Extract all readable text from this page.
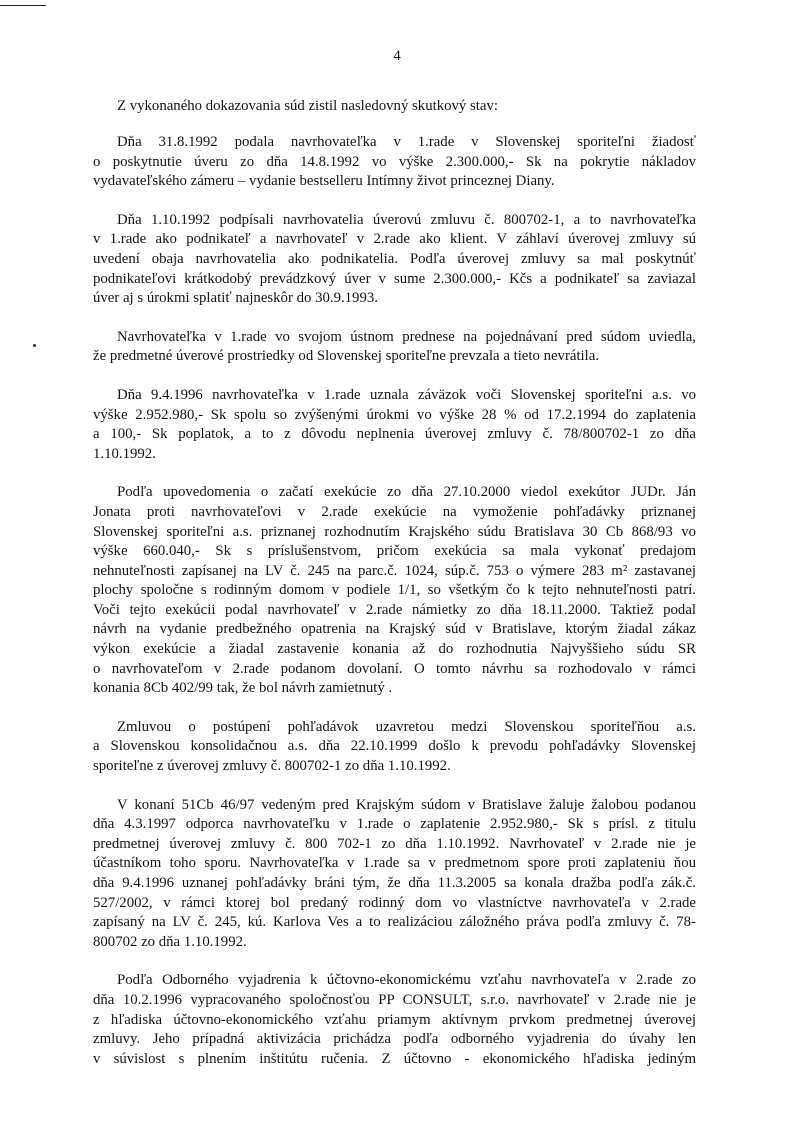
4

Z vykonaného dokazovania súd zistil nasledovný skutkový stav:

Dňa 31.8.1992 podala navrhovateľka v 1.rade v Slovenskej sporiteľni žiadosť
o poskytnutie úveru zo dňa 14.8.1992 vo výške 2.300.000,- Sk na pokrytie nákladov
vydavateľského zámeru – vydanie bestselleru Intímny život princeznej Diany.
Dňa 1.10.1992 podpísali navrhovatelia úverovú zmluvu č. 800702-1, a to navrhovateľka
v 1.rade ako podnikateľ a navrhovateľ v 2.rade ako klient. V záhlaví úverovej zmluvy sú
uvedení obaja navrhovatelia ako podnikatelia. Podľa úverovej zmluvy sa mal poskytnúť
podnikateľovi krátkodobý prevádzkový úver v sume 2.300.000,- Kčs a podnikateľ sa zaviazal
úver aj s úrokmi splatiť najneskôr do 30.9.1993.
Navrhovateľka v 1.rade vo svojom ústnom prednese na pojednávaní pred súdom uviedla,
že predmetné úverové prostriedky od Slovenskej sporiteľne prevzala a tieto nevrátila.
Dňa 9.4.1996 navrhovateľka v 1.rade uznala záväzok voči Slovenskej sporiteľni a.s. vo
výške 2.952.980,- Sk spolu so zvýšenými úrokmi vo výške 28 % od 17.2.1994 do zaplatenia
a 100,- Sk poplatok, a to z dôvodu neplnenia úverovej zmluvy č. 78/800702-1 zo dňa
1.10.1992.
Podľa upovedomenia o začatí exekúcie zo dňa 27.10.2000 viedol exekútor JUDr. Ján
Jonata proti navrhovateľovi v 2.rade exekúcie na vymoženie pohľadávky priznanej
Slovenskej sporiteľni a.s. priznanej rozhodnutím Krajského súdu Bratislava 30 Cb 868/93 vo
výške 660.040,- Sk s príslušenstvom, pričom exekúcia sa mala vykonať predajom
nehnuteľnosti zapísanej na LV č. 245 na parc.č. 1024, súp.č. 753 o výmere 283 m² zastavanej
plochy spoločne s rodinným domom v podiele 1/1, so všetkým čo k tejto nehnuteľnosti patrí.
Voči tejto exekúcii podal navrhovateľ v 2.rade námietky zo dňa 18.11.2000. Taktiež podal
návrh na vydanie predbežného opatrenia na Krajský súd v Bratislave, ktorým žiadal zákaz
výkon exekúcie a žiadal zastavenie konania až do rozhodnutia Najvyššieho súdu SR
o navrhovateľom v 2.rade podanom dovolaní. O tomto návrhu sa rozhodovalo v rámci
konania 8Cb 402/99 tak, že bol návrh zamietnutý .
Zmluvou o postúpení pohľadávok uzavretou medzi Slovenskou sporiteľňou a.s.
a Slovenskou konsolidačnou a.s. dňa 22.10.1999 došlo k prevodu pohľadávky Slovenskej
sporiteľne z úverovej zmluvy č. 800702-1 zo dňa 1.10.1992.
V konaní 51Cb 46/97 vedeným pred Krajským súdom v Bratislave žaluje žalobou podanou
dňa 4.3.1997 odporca navrhovateľku v 1.rade o zaplatenie 2.952.980,- Sk s prísl. z titulu
predmetnej úverovej zmluvy č. 800 702-1 zo dňa 1.10.1992. Navrhovateľ v 2.rade nie je
účastníkom toho sporu. Navrhovateľka v 1.rade sa v predmetnom spore proti zaplateniu ňou
dňa 9.4.1996 uznanej pohľadávky bráni tým, že dňa 11.3.2005 sa konala dražba podľa zák.č.
527/2002, v rámci ktorej bol predaný rodinný dom vo vlastníctve navrhovateľa v 2.rade
zapísaný na LV č. 245, kú. Karlova Ves a to realizáciou záložného práva podľa zmluvy č. 78-
800702 zo dňa 1.10.1992.
Podľa Odborného vyjadrenia k účtovno-ekonomickému vzťahu navrhovateľa v 2.rade zo
dňa 10.2.1996 vypracovaného spoločnosťou PP CONSULT, s.r.o. navrhovateľ v 2.rade nie je
z hľadiska účtovno-ekonomického vzťahu priamym aktívnym prvkom predmetnej úverovej
zmluvy. Jeho prípadná aktivizácia prichádza podľa odborného vyjadrenia do úvahy len
v súvislost s plnením inštitútu ručenia. Z účtovno - ekonomického hľadiska jediným
